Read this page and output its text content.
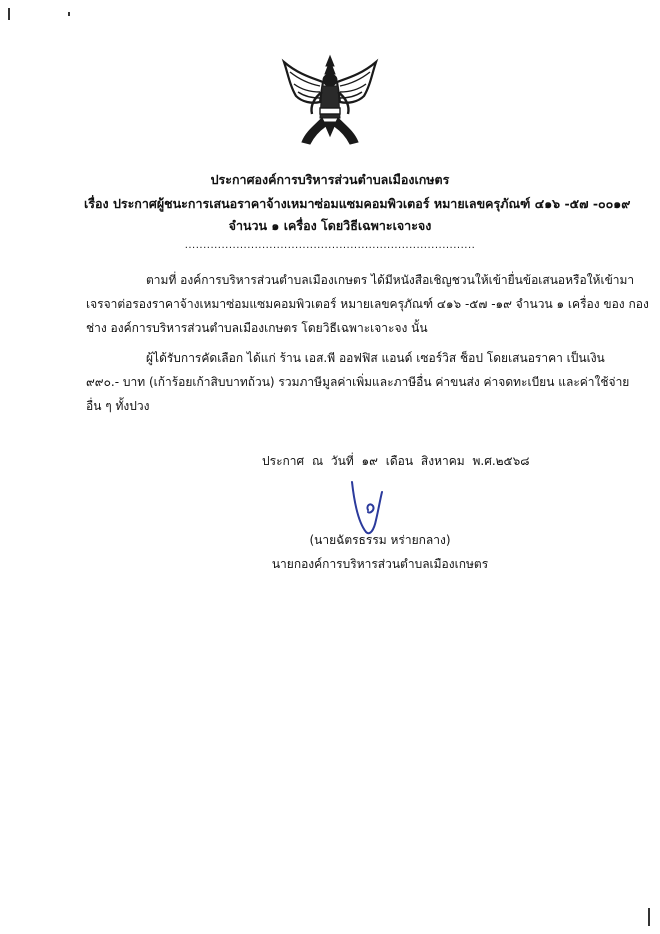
ประกาศองค์การบริหารส่วนตำบลเมืองเกษตร
เรื่อง ประกาศผู้ชนะการเสนอราคาจ้างเหมาซ่อมแซมคอมพิวเตอร์ หมายเลขครุภัณฑ์ ๔๑๖ -๕๗ -๐๐๑๙
จำนวน ๑ เครื่อง โดยวิธีเฉพาะเจาะจง
...............................................................................
ตามที่ องค์การบริหารส่วนตำบลเมืองเกษตร ได้มีหนังสือเชิญชวนให้เข้ายื่นข้อเสนอหรือให้เข้ามา
เจรจาต่อรองราคาจ้างเหมาซ่อมแซมคอมพิวเตอร์ หมายเลขครุภัณฑ์ ๔๑๖ -๕๗ -๑๙ จำนวน ๑ เครื่อง ของ กอง
ช่าง องค์การบริหารส่วนตำบลเมืองเกษตร โดยวิธีเฉพาะเจาะจง นั้น
ผู้ได้รับการคัดเลือก ได้แก่ ร้าน เอส.พี ออฟฟิส แอนด์ เซอร์วิส ช็อป โดยเสนอราคา เป็นเงิน
๙๙๐.- บาท (เก้าร้อยเก้าสิบบาทถ้วน) รวมภาษีมูลค่าเพิ่มและภาษีอื่น ค่าขนส่ง ค่าจดทะเบียน และค่าใช้จ่าย
อื่น ๆ ทั้งปวง
ประกาศ ณ วันที่ ๑๙ เดือน สิงหาคม พ.ศ.๒๕๖๘
(นายฉัตรธรรม หร่ายกลาง)
นายกองค์การบริหารส่วนตำบลเมืองเกษตร
